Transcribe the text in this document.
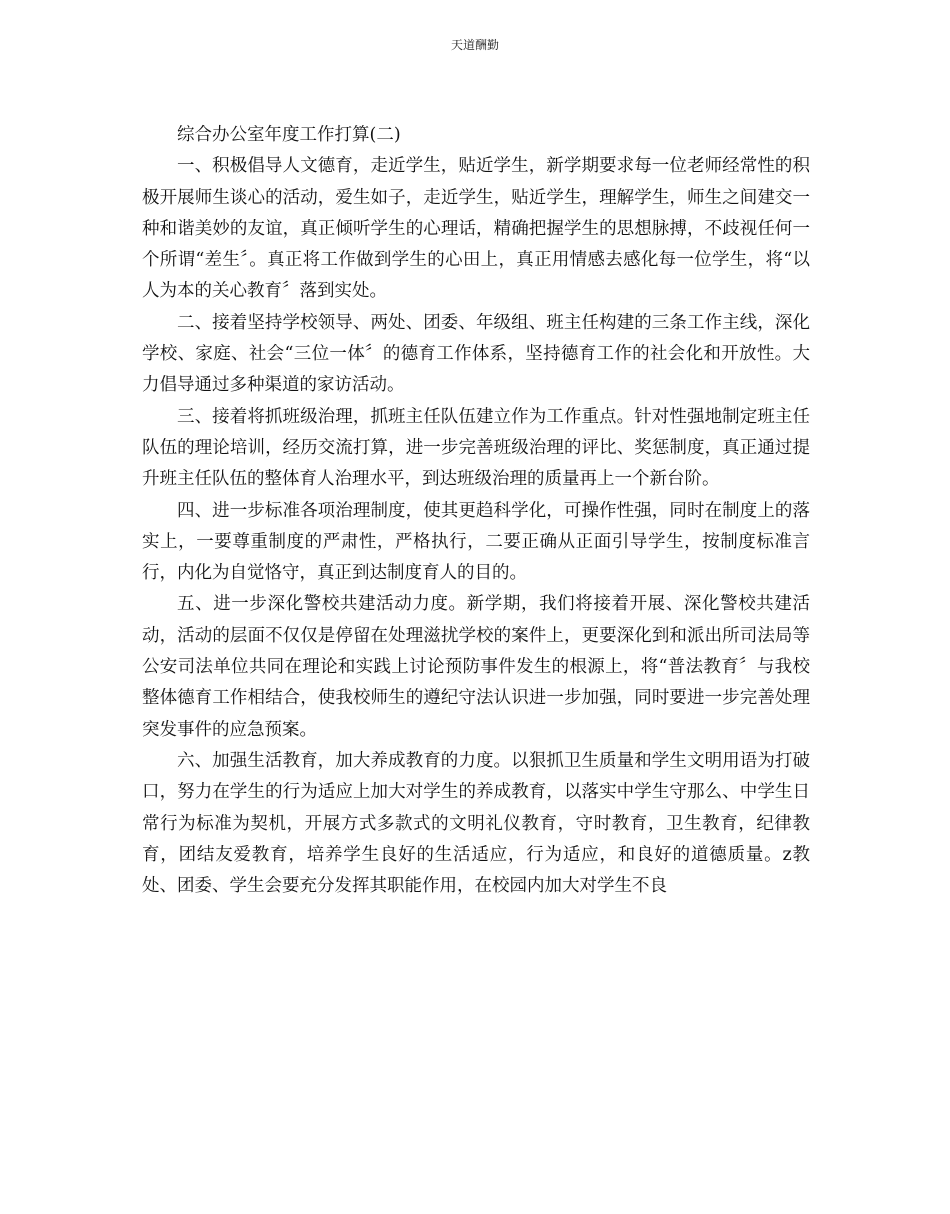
天道酬勤

综合办公室年度工作打算(二)

一、积极倡导人文德育，走近学生，贴近学生，新学期要求每一位老师经常性的积极开展师生谈心的活动，爱生如子，走近学生，贴近学生，理解学生，师生之间建交一种和谐美妙的友谊，真正倾听学生的心理话，精确把握学生的思想脉搏，不歧视任何一个所谓“差生〞。真正将工作做到学生的心田上，真正用情感去感化每一位学生，将“以人为本的关心教育〞落到实处。

二、接着坚持学校领导、两处、团委、年级组、班主任构建的三条工作主线，深化学校、家庭、社会“三位一体〞的德育工作体系，坚持德育工作的社会化和开放性。大力倡导通过多种渠道的家访活动。

三、接着将抓班级治理，抓班主任队伍建立作为工作重点。针对性强地制定班主任队伍的理论培训，经历交流打算，进一步完善班级治理的评比、奖惩制度，真正通过提升班主任队伍的整体育人治理水平，到达班级治理的质量再上一个新台阶。

四、进一步标准各项治理制度，使其更趋科学化，可操作性强，同时在制度上的落实上，一要尊重制度的严肃性，严格执行，二要正确从正面引导学生，按制度标准言行，内化为自觉恪守，真正到达制度育人的目的。

五、进一步深化警校共建活动力度。新学期，我们将接着开展、深化警校共建活动，活动的层面不仅仅是停留在处理滋扰学校的案件上，更要深化到和派出所司法局等公安司法单位共同在理论和实践上讨论预防事件发生的根源上，将“普法教育〞与我校整体德育工作相结合，使我校师生的遵纪守法认识进一步加强，同时要进一步完善处理突发事件的应急预案。

六、加强生活教育，加大养成教育的力度。以狠抓卫生质量和学生文明用语为打破口，努力在学生的行为适应上加大对学生的养成教育，以落实中学生守那么、中学生日常行为标准为契机，开展方式多款式的文明礼仪教育，守时教育，卫生教育，纪律教育，团结友爱教育，培养学生良好的生活适应，行为适应，和良好的道德质量。z教处、团委、学生会要充分发挥其职能作用，在校园内加大对学生不良
